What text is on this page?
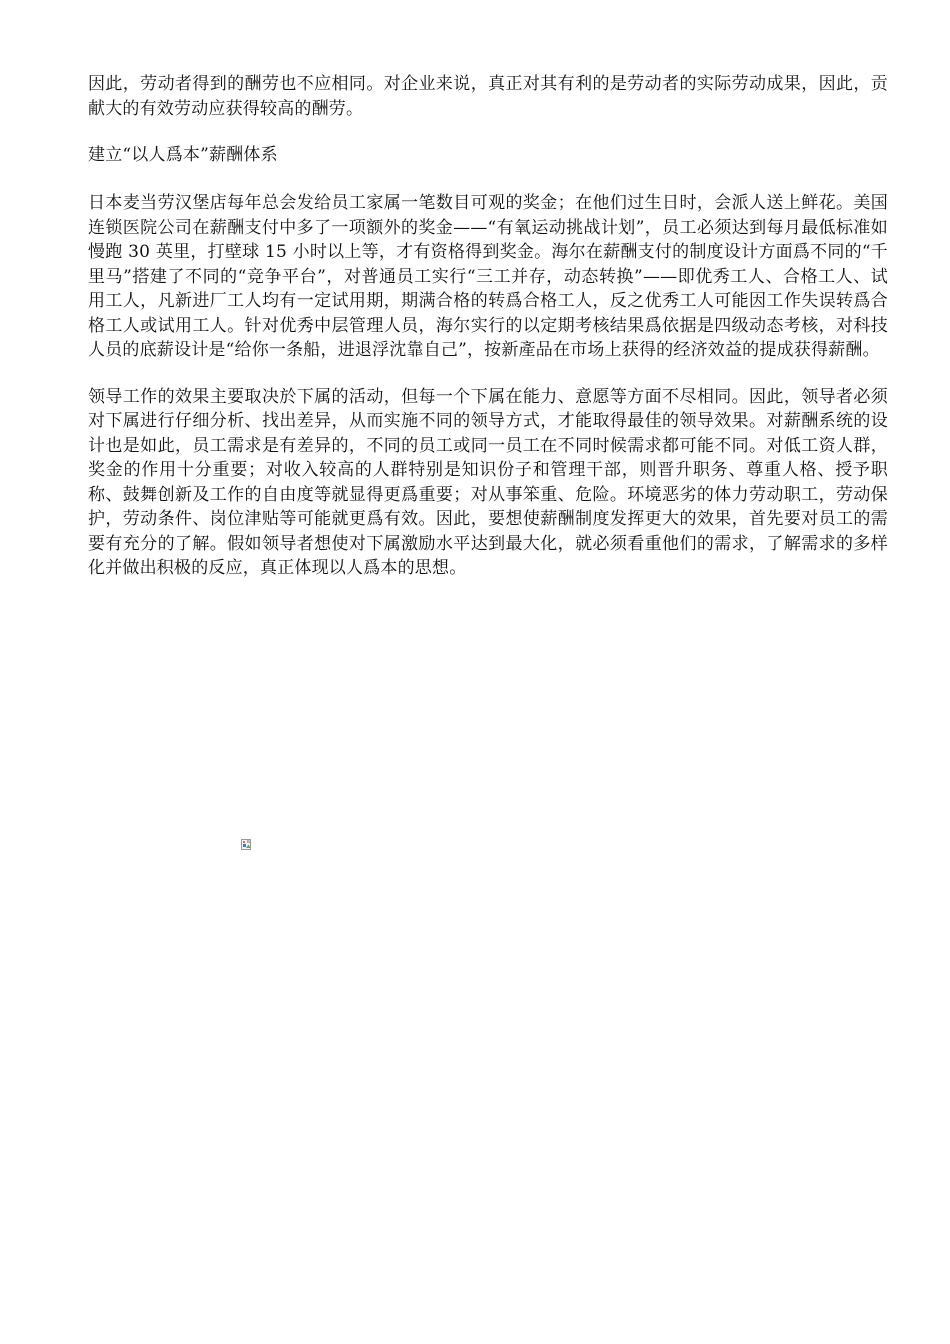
因此，劳动者得到的酬劳也不应相同。对企业来说，真正对其有利的是劳动者的实际劳动成果，因此，贡献大的有效劳动应获得较高的酬劳。

建立“以人爲本”薪酬体系

日本麦当劳汉堡店每年总会发给员工家属一笔数目可观的奖金；在他们过生日时，会派人送上鲜花。美国连锁医院公司在薪酬支付中多了一项额外的奖金——“有氧运动挑战计划”，员工必须达到每月最低标准如慢跑 30 英里，打壁球 15 小时以上等，才有资格得到奖金。海尔在薪酬支付的制度设计方面爲不同的“千里马”搭建了不同的“竞争平台”，对普通员工实行“三工并存，动态转换”——即优秀工人、合格工人、试用工人，凡新进厂工人均有一定试用期，期满合格的转爲合格工人，反之优秀工人可能因工作失误转爲合格工人或试用工人。针对优秀中层管理人员，海尔实行的以定期考核结果爲依据是四级动态考核，对科技人员的底薪设计是“给你一条船，进退浮沈靠自己”，按新產品在市场上获得的经济效益的提成获得薪酬。

领导工作的效果主要取决於下属的活动，但每一个下属在能力、意愿等方面不尽相同。因此，领导者必须对下属进行仔细分析、找出差异，从而实施不同的领导方式，才能取得最佳的领导效果。对薪酬系统的设计也是如此，员工需求是有差异的，不同的员工或同一员工在不同时候需求都可能不同。对低工资人群，奖金的作用十分重要；对收入较高的人群特别是知识份子和管理干部，则晋升职务、尊重人格、授予职称、鼓舞创新及工作的自由度等就显得更爲重要；对从事笨重、危险。环境恶劣的体力劳动职工，劳动保护，劳动条件、岗位津贴等可能就更爲有效。因此，要想使薪酬制度发挥更大的效果，首先要对员工的需要有充分的了解。假如领导者想使对下属激励水平达到最大化，就必须看重他们的需求，了解需求的多样化并做出积极的反应，真正体现以人爲本的思想。
